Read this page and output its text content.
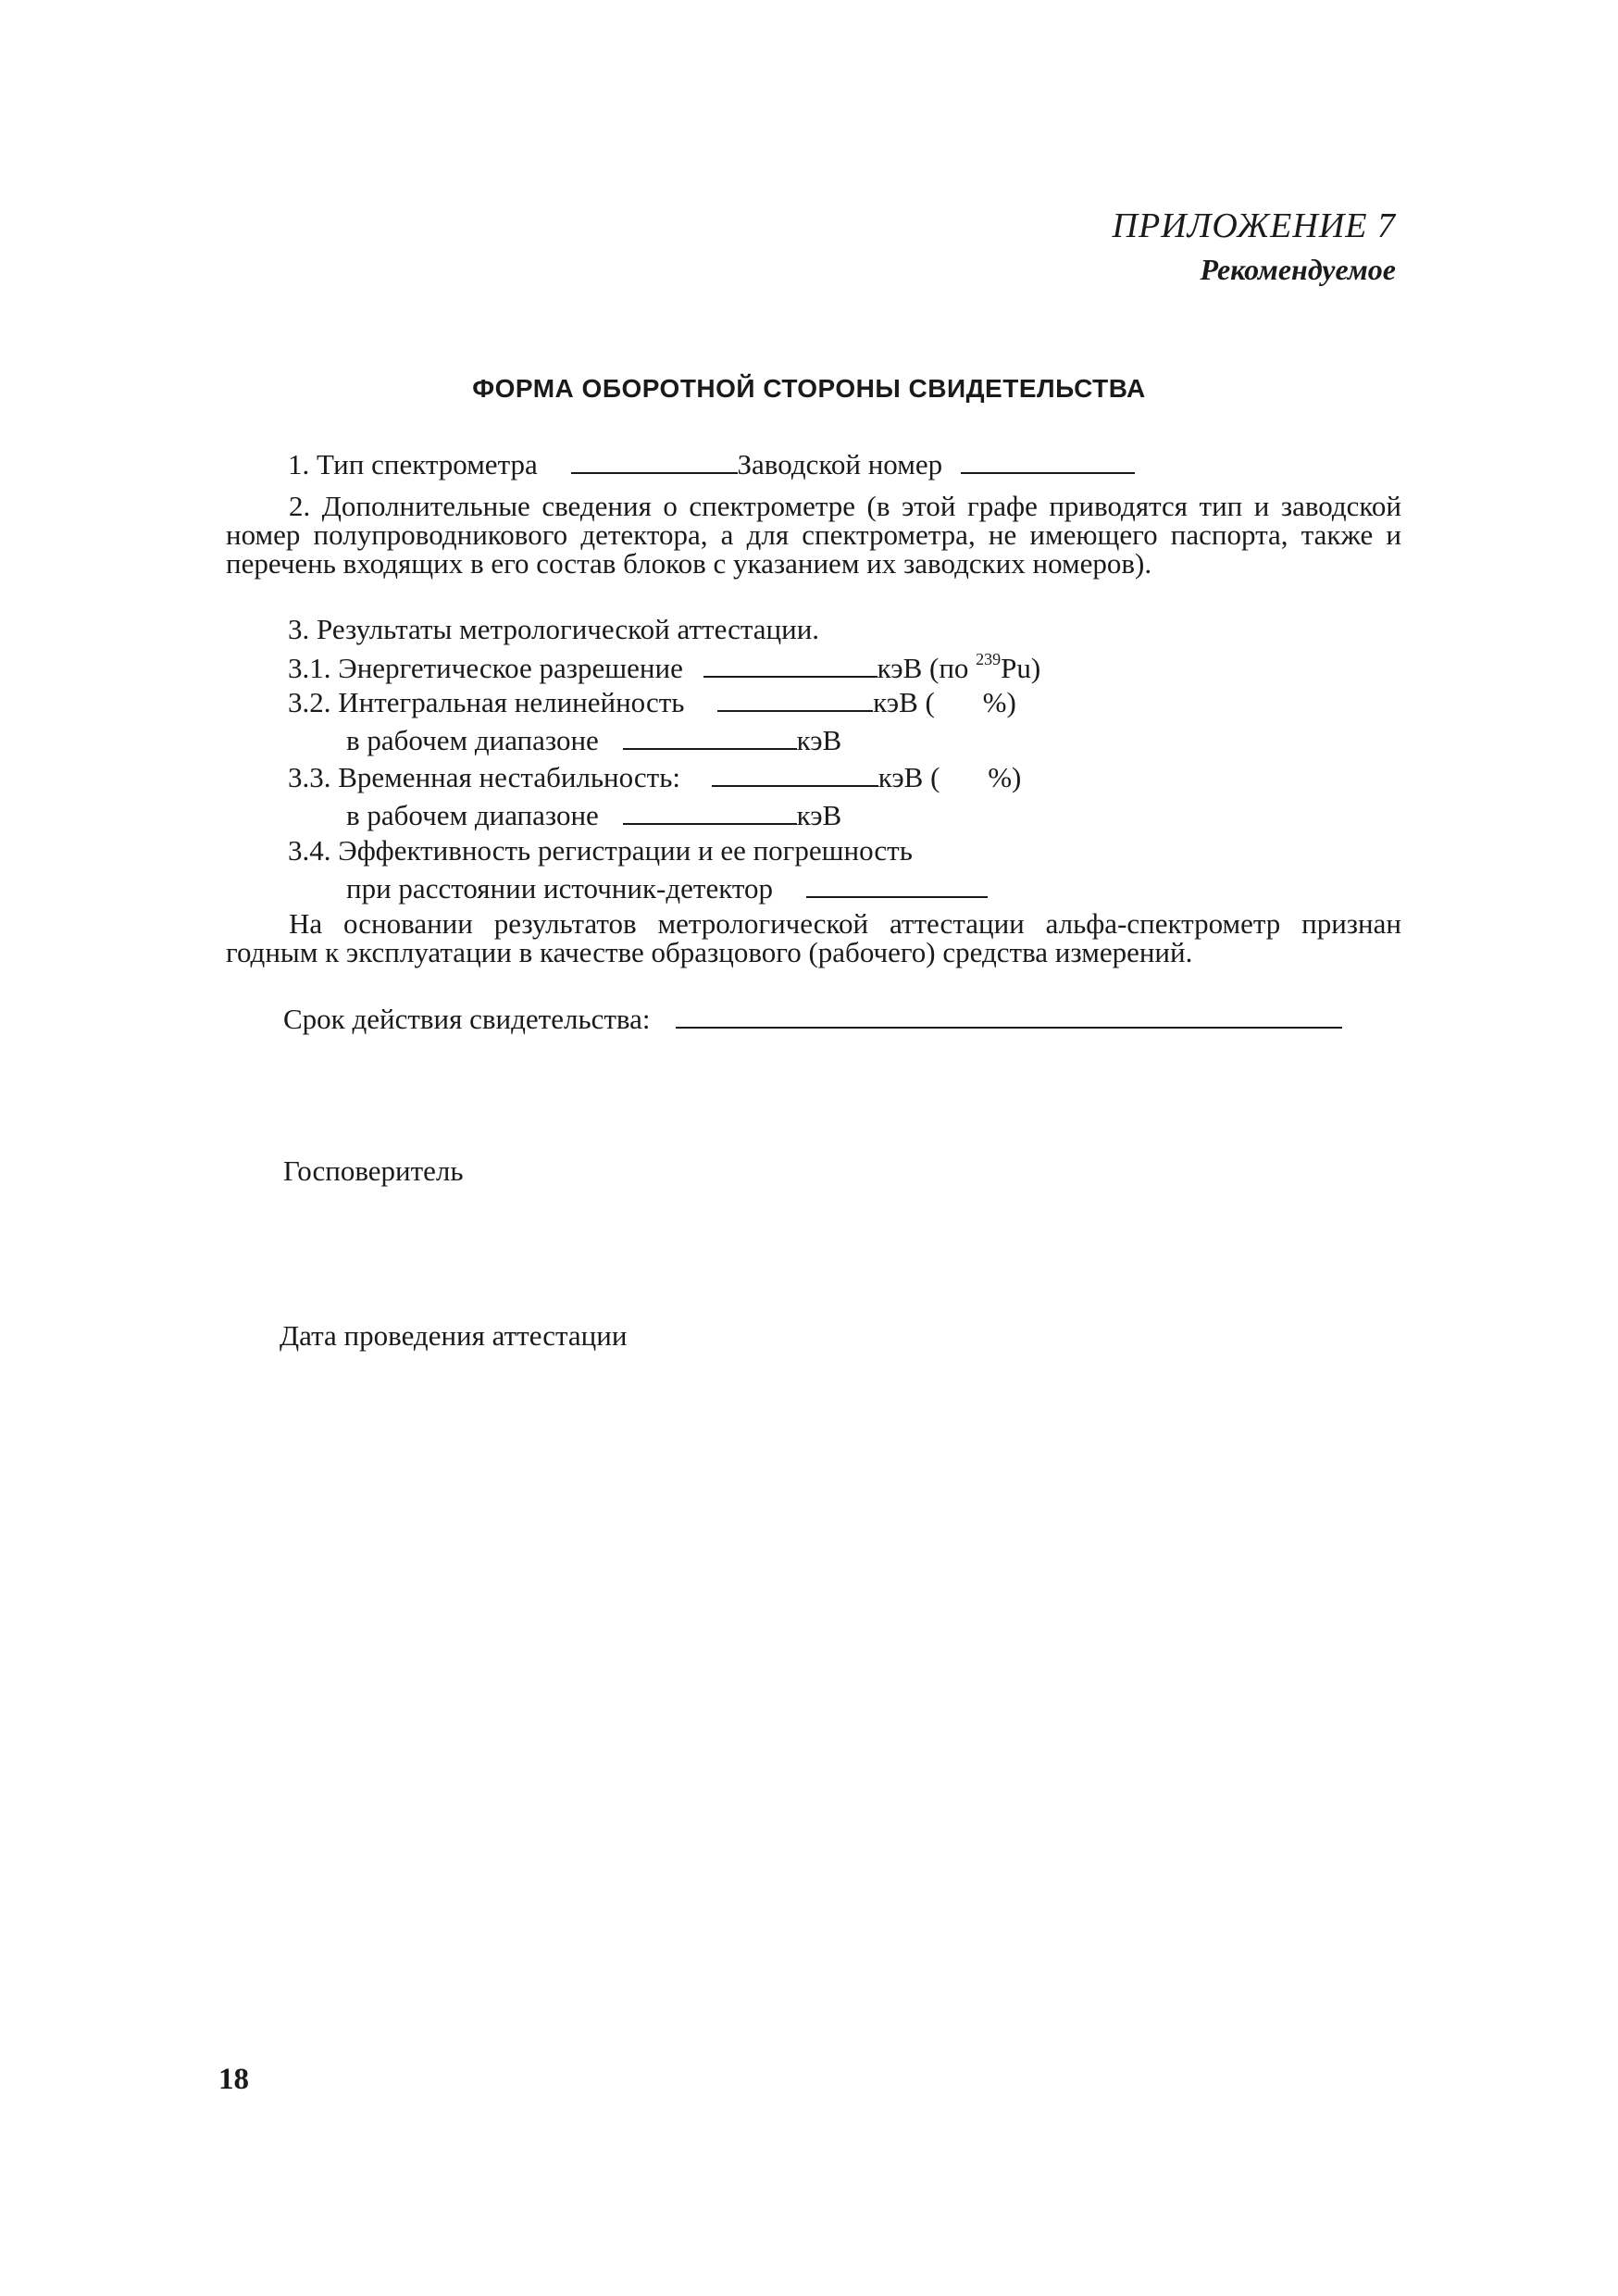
ПРИЛОЖЕНИЕ 7
Рекомендуемое
ФОРМА ОБОРОТНОЙ СТОРОНЫ СВИДЕТЕЛЬСТВА
1. Тип спектрометра	Заводской номер
2. Дополнительные сведения о спектрометре (в этой графе приводятся тип и заводской номер полупроводникового детектора, а для спектрометра, не имеющего паспорта, также и перечень входящих в его состав блоков с указанием их заводских номеров).
3. Результаты метрологической аттестации.
3.1. Энергетическое разрешение	кэВ (по $^{239}$Pu)
3.2. Интегральная нелинейность	кэВ ( %)
в рабочем диапазоне	кэВ
3.3. Временная нестабильность:	кэВ ( %)
в рабочем диапазоне	кэВ
3.4. Эффективность регистрации и ее погрешность
при расстоянии источник-детектор
На основании результатов метрологической аттестации альфа-спектрометр признан годным к эксплуатации в качестве образцового (рабочего) средства измерений.
Срок действия свидетельства:
Госповеритель
Дата проведения аттестации
18
